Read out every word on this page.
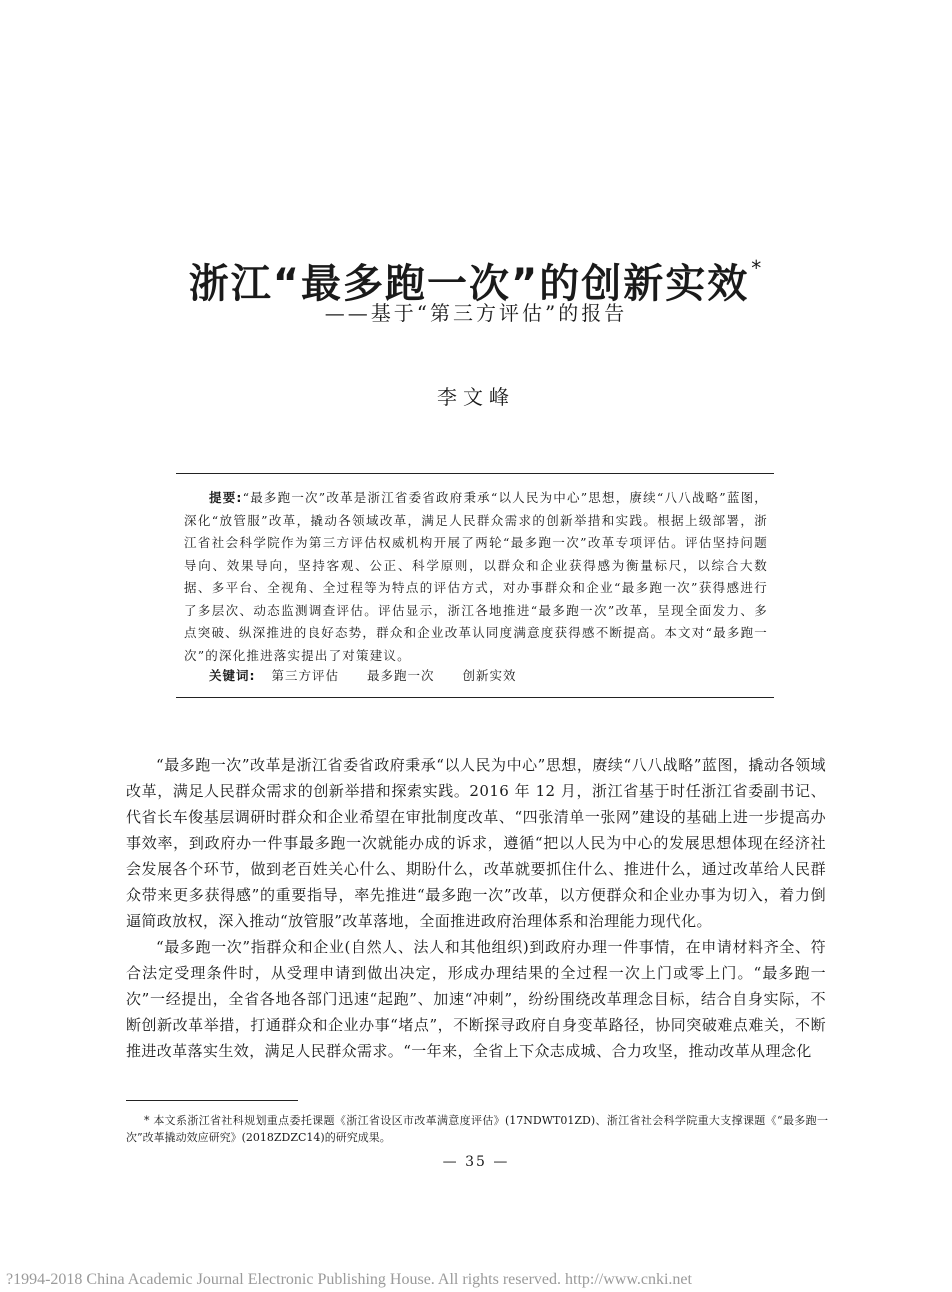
浙江“最多跑一次”的创新实效 *
——基于“第三方评估”的报告
李文峰

提要:“最多跑一次”改革是浙江省委省政府秉承“以人民为中心”思想，赓续“八八战略”蓝图，深化“放管服”改革，撬动各领域改革，满足人民群众需求的创新举措和实践。根据上级部署，浙江省社会科学院作为第三方评估权威机构开展了两轮“最多跑一次”改革专项评估。评估坚持问题导向、效果导向，坚持客观、公正、科学原则，以群众和企业获得感为衡量标尺，以综合大数据、多平台、全视角、全过程等为特点的评估方式，对办事群众和企业“最多跑一次”获得感进行了多层次、动态监测调查评估。评估显示，浙江各地推进“最多跑一次”改革，呈现全面发力、多点突破、纵深推进的良好态势，群众和企业改革认同度满意度获得感不断提高。本文对“最多跑一次”的深化推进落实提出了对策建议。

关键词: 第三方评估 最多跑一次 创新实效

“最多跑一次”改革是浙江省委省政府秉承“以人民为中心”思想，赓续“八八战略”蓝图，撬动各领域改革，满足人民群众需求的创新举措和探索实践。2016 年 12 月，浙江省基于时任浙江省委副书记、代省长车俊基层调研时群众和企业希望在审批制度改革、“四张清单一张网”建设的基础上进一步提高办事效率，到政府办一件事最多跑一次就能办成的诉求，遵循“把以人民为中心的发展思想体现在经济社会发展各个环节，做到老百姓关心什么、期盼什么，改革就要抓住什么、推进什么，通过改革给人民群众带来更多获得感”的重要指导，率先推进“最多跑一次”改革，以方便群众和企业办事为切入，着力倒逼简政放权，深入推动“放管服”改革落地，全面推进政府治理体系和治理能力现代化。

“最多跑一次”指群众和企业(自然人、法人和其他组织)到政府办理一件事情，在申请材料齐全、符合法定受理条件时，从受理申请到做出决定，形成办理结果的全过程一次上门或零上门。“最多跑一次”一经提出，全省各地各部门迅速“起跑”、加速“冲刺”，纷纷围绕改革理念目标，结合自身实际，不断创新改革举措，打通群众和企业办事“堵点”，不断探寻政府自身变革路径，协同突破难点难关，不断推进改革落实生效，满足人民群众需求。“一年来，全省上下众志成城、合力攻坚，推动改革从理念化

* 本文系浙江省社科规划重点委托课题《浙江省设区市改革满意度评估》(17NDWT01ZD)、浙江省社会科学院重大支撑课题《“最多跑一次”改革撬动效应研究》(2018ZDZC14)的研究成果。

— 35 —
?1994-2018 China Academic Journal Electronic Publishing House. All rights reserved. http://www.cnki.net
